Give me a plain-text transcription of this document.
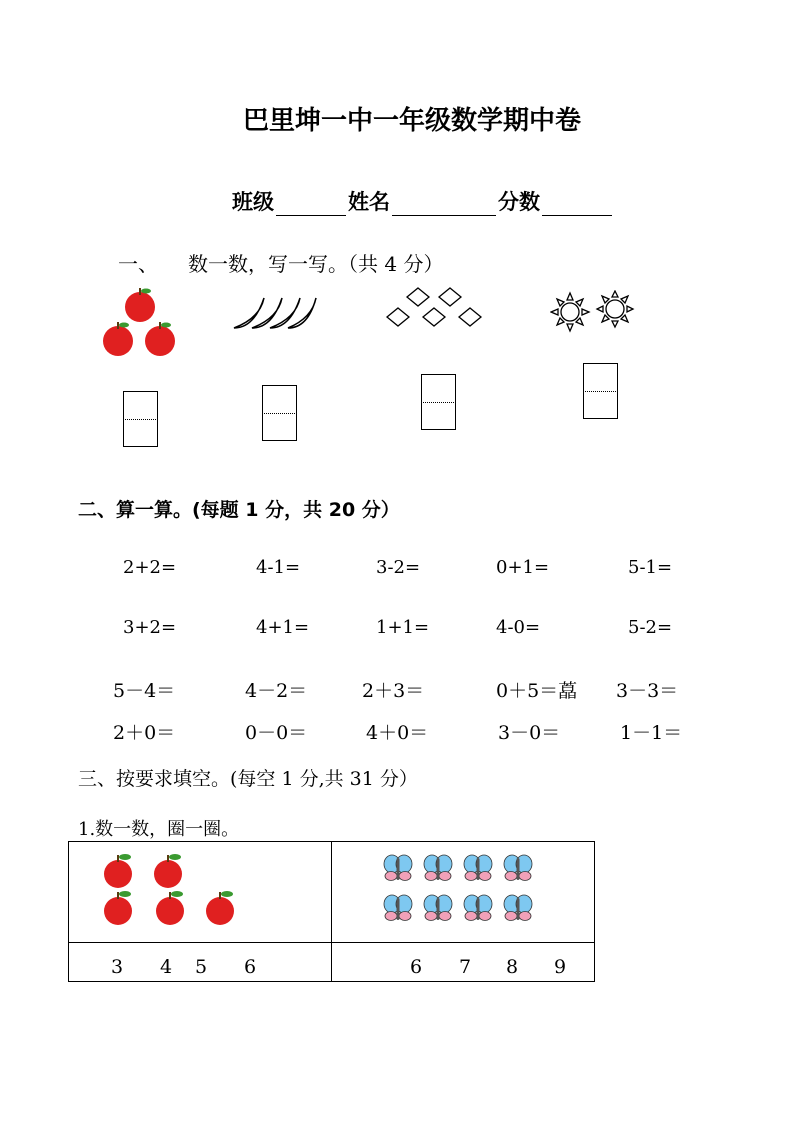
巴里坤一中一年级数学期中卷
班级	姓名	分数
一、 数一数，写一写。（共 4 分）
二、算一算。(每题 1 分，共 20 分）
2+2=	4-1=	3-2=	0+1=	5-1=
3+2=	4+1=	1+1=	4-0=	5-2=
5－4＝	4－2＝	2＋3＝	0＋5＝藠 3－3＝
2＋0＝	0－0＝	4＋0＝	3－0＝	1－1＝
三、按要求填空。(每空 1 分,共 31 分）
1.数一数，圈一圈。
3 4 5 6	6 7 8 9
